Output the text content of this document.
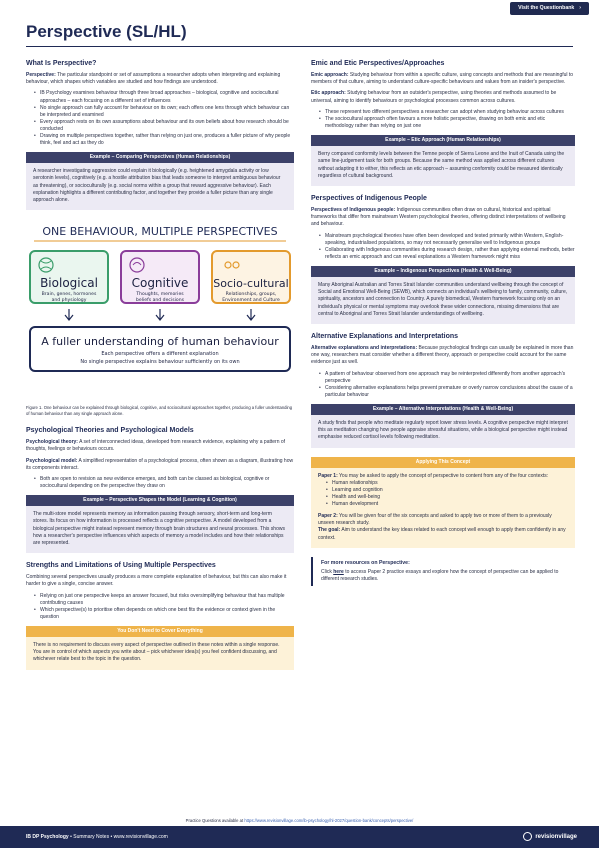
Visit the Questionbank ›
Perspective (SL/HL)
What Is Perspective?

Perspective: The particular standpoint or set of assumptions a researcher adopts when interpreting and explaining behaviour, which shapes which variables are studied and how findings are understood.

• IB Psychology examines behaviour through three broad approaches – biological, cognitive and sociocultural approaches – each focusing on a different set of influences
• No single approach can fully account for behaviour on its own; each offers one lens through which behaviour can be interpreted and examined
• Every approach rests on its own assumptions about behaviour and its own beliefs about how research should be conducted
• Drawing on multiple perspectives together, rather than relying on just one, produces a fuller picture of why people think, feel and act as they do
Example – Comparing Perspectives (Human Relationships)

A researcher investigating aggression could explain it biologically (e.g. heightened amygdala activity or low serotonin levels), cognitively (e.g. a hostile attribution bias that leads someone to interpret ambiguous behaviour as threatening), or socioculturally (e.g. social norms within a group that reward aggressive behaviour). Each explanation highlights a different contributing factor, and together they provide a fuller picture than any single approach alone.

ONE BEHAVIOUR, MULTIPLE PERSPECTIVES
Biological
Brain, genes, hormones
and physiology
Cognitive
Thoughts, memories
beliefs and decisions
Socio-cultural
Relationships, groups,
Environment and Culture
A fuller understanding of human behaviour
Each perspective offers a different explanation
No single perspective explains behaviour sufficiently on its own
Figure 1. One behaviour can be explained through biological, cognitive, and sociocultural approaches together, producing a fuller understanding of human behaviour than any single approach alone.
Psychological Theories and Psychological Models

Psychological theory: A set of interconnected ideas, developed from research evidence, explaining why a pattern of thoughts, feelings or behaviours occurs.

Psychological model: A simplified representation of a psychological process, often shown as a diagram, illustrating how its components interact.

• Both are open to revision as new evidence emerges, and both can be classed as biological, cognitive or sociocultural depending on the perspective they draw on
Example – Perspective Shapes the Model (Learning & Cognition)

The multi-store model represents memory as information passing through sensory, short-term and long-term stores. Its focus on how information is processed reflects a cognitive perspective. A model developed from a biological perspective might instead represent memory through brain structures and neural processes. This shows how a researcher's perspective influences which aspects of memory a model includes and how their relationships are represented.

Strengths and Limitations of Using Multiple Perspectives

Combining several perspectives usually produces a more complete explanation of behaviour, but this can also make it harder to give a single, concise answer.

• Relying on just one perspective keeps an answer focused, but risks oversimplifying behaviour that has multiple contributing causes
• Which perspective(s) to prioritise often depends on which one best fits the evidence or context given in the question
You Don't Need to Cover Everything

There is no requirement to discuss every aspect of perspective outlined in these notes within a single response. You are in control of which aspects you write about – pick whichever idea(s) you feel confident discussing, and whichever relate best to the topic in the question.

Emic and Etic Perspectives/Approaches

Emic approach: Studying behaviour from within a specific culture, using concepts and methods that are meaningful to members of that culture, aiming to understand culture-specific behaviours and values from an insider's perspective.

Etic approach: Studying behaviour from an outsider's perspective, using theories and methods assumed to be universal, aiming to identify behaviours or psychological processes common across cultures.

• These represent two different perspectives a researcher can adopt when studying behaviour across cultures
• The sociocultural approach often favours a more holistic perspective, drawing on both emic and etic methodology rather than relying on just one
Example – Etic Approach (Human Relationships)

Berry compared conformity levels between the Temne people of Sierra Leone and the Inuit of Canada using the same line-judgement task for both groups. Because the same method was applied across different cultures without adapting it to either, this reflects an etic approach – assuming conformity could be measured identically regardless of cultural background.

Perspectives of Indigenous People

Perspectives of Indigenous people: Indigenous communities often draw on cultural, historical and spiritual frameworks that differ from mainstream Western psychological theories, offering distinct interpretations of wellbeing and behaviour.

• Mainstream psychological theories have often been developed and tested primarily within Western, English-speaking, industrialised populations, so may not necessarily generalise well to Indigenous groups
• Collaborating with Indigenous communities during research design, rather than applying external methods, better reflects an emic approach and can reveal explanations a Western framework might miss
Example – Indigenous Perspectives (Health & Well-Being)

Many Aboriginal Australian and Torres Strait Islander communities understand wellbeing through the concept of Social and Emotional Well-Being (SEWB), which connects an individual's wellbeing to family, community, culture, spirituality, ancestors and connection to Country. A purely biomedical, Western framework focusing only on an individual's physical or mental symptoms may overlook these wider connections, missing dimensions that are central to Aboriginal and Torres Strait Islander understandings of wellbeing.

Alternative Explanations and Interpretations

Alternative explanations and interpretations: Because psychological findings can usually be explained in more than one way, researchers must consider whether a different theory, approach or perspective could account for the same evidence just as well.

• A pattern of behaviour observed from one approach may be reinterpreted differently from another approach's perspective
• Considering alternative explanations helps prevent premature or overly narrow conclusions about the cause of a particular behaviour
Example – Alternative Interpretations (Health & Well-Being)

A study finds that people who meditate regularly report lower stress levels. A cognitive perspective might interpret this as meditation changing how people appraise stressful situations, while a biological perspective might instead emphasise reduced cortisol levels following meditation.

Applying This Concept

Paper 1: You may be asked to apply the concept of perspective to content from any of the four contexts:

• Human relationships
• Learning and cognition
• Health and well-being
• Human development

Paper 2: You will be given four of the six concepts and asked to apply two or more of them to a previously unseen research study.

The goal: Aim to understand the key ideas related to each concept well enough to apply them confidently in any context.

For more resources on Perspective:

Click here to access Paper 2 practice essays and explore how the concept of perspective can be applied to different research studies.

Practice Questions available at https://www.revisionvillage.com/ib-psychology/hl-2027/question-bank/concepts/perspective/
IB DP Psychology • Summary Notes • www.revisionvillage.com	revisionvillage
